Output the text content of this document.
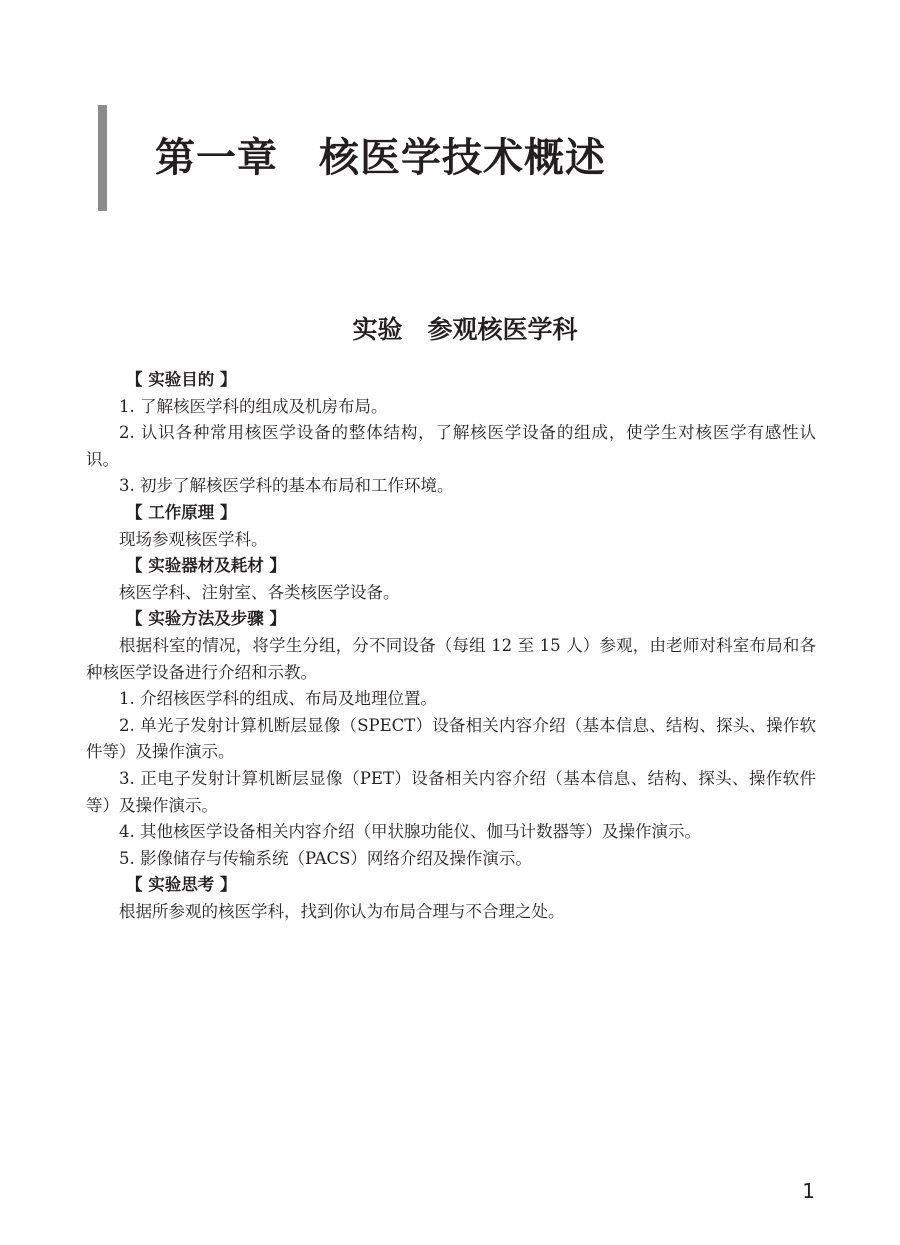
第一章　核医学技术概述
实验　参观核医学科
【 实验目的 】

1. 了解核医学科的组成及机房布局。

2. 认识各种常用核医学设备的整体结构，了解核医学设备的组成，使学生对核医学有感性认识。

3. 初步了解核医学科的基本布局和工作环境。

【 工作原理 】

现场参观核医学科。

【 实验器材及耗材 】

核医学科、注射室、各类核医学设备。

【 实验方法及步骤 】

根据科室的情况，将学生分组，分不同设备（每组 12 至 15 人）参观，由老师对科室布局和各种核医学设备进行介绍和示教。

1. 介绍核医学科的组成、布局及地理位置。

2. 单光子发射计算机断层显像（SPECT）设备相关内容介绍（基本信息、结构、探头、操作软件等）及操作演示。

3. 正电子发射计算机断层显像（PET）设备相关内容介绍（基本信息、结构、探头、操作软件等）及操作演示。

4. 其他核医学设备相关内容介绍（甲状腺功能仪、伽马计数器等）及操作演示。

5. 影像储存与传输系统（PACS）网络介绍及操作演示。

【 实验思考 】

根据所参观的核医学科，找到你认为布局合理与不合理之处。

1
